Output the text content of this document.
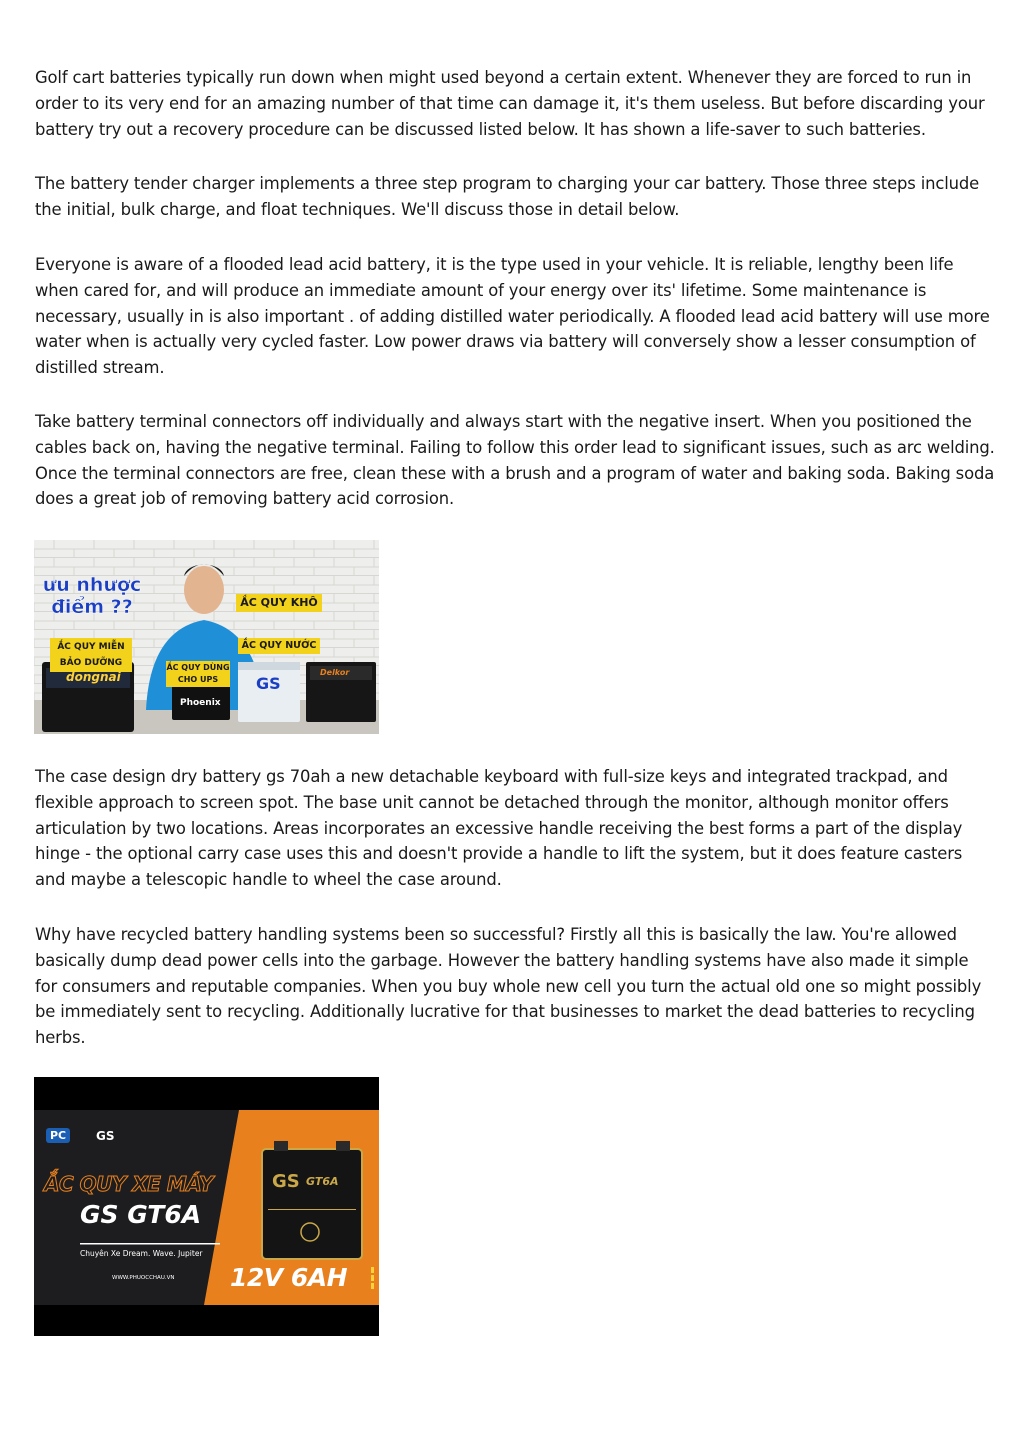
Golf cart batteries typically run down when might used beyond a certain extent. Whenever they are forced to run in order to its very end for an amazing number of that time can damage it, it's them useless. But before discarding your battery try out a recovery procedure can be discussed listed below. It has shown a life-saver to such batteries.

The battery tender charger implements a three step program to charging your car battery. Those three steps include the initial, bulk charge, and float techniques. We'll discuss those in detail below.

Everyone is aware of a flooded lead acid battery, it is the type used in your vehicle. It is reliable, lengthy been life when cared for, and will produce an immediate amount of your energy over its' lifetime. Some maintenance is necessary, usually in is also important . of adding distilled water periodically. A flooded lead acid battery will use more water when is actually very cycled faster. Low power draws via battery will conversely show a lesser consumption of distilled stream.

Take battery terminal connectors off individually and always start with the negative insert. When you positioned the cables back on, having the negative terminal. Failing to follow this order lead to significant issues, such as arc welding. Once the terminal connectors are free, clean these with a brush and a program of water and baking soda. Baking soda does a great job of removing battery acid corrosion.

ưu nhược
điểm ??	ẮC QUY KHÔ
ẮC QUY MIỄN
BẢO DƯỠNG
ẮC QUY NƯỚC
ẮC QUY DÙNG
CHO UPS
dongnai
Phoenix
GS
Delkor

The case design dry battery gs 70ah a new detachable keyboard with full-size keys and integrated trackpad, and flexible approach to screen spot. The base unit cannot be detached through the monitor, although monitor offers articulation by two locations. Areas incorporates an excessive handle receiving the best forms a part of the display hinge - the optional carry case uses this and doesn't provide a handle to lift the system, but it does feature casters and maybe a telescopic handle to wheel the case around.

Why have recycled battery handling systems been so successful? Firstly all this is basically the law. You're allowed basically dump dead power cells into the garbage. However the battery handling systems have also made it simple for consumers and reputable companies. When you buy whole new cell you turn the actual old one so might possibly be immediately sent to recycling. Additionally lucrative for that businesses to market the dead batteries to recycling herbs.

PC	GS
ẮC QUY XE MÁY
GS GT6A
Chuyên Xe Dream. Wave. Jupiter
WWW.PHUOCCHAU.VN 12V 6AH
GS GT6A
